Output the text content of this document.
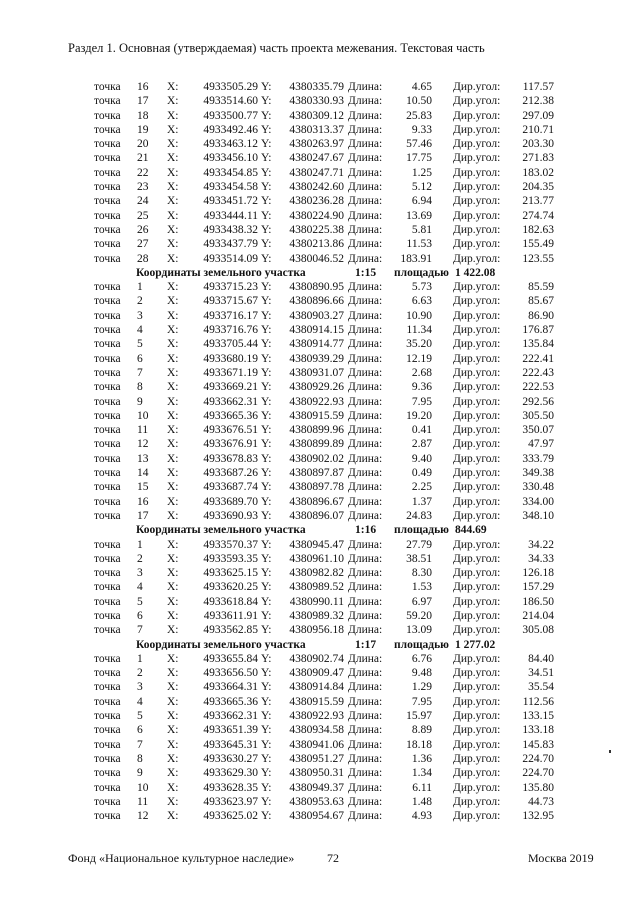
Раздел 1. Основная (утверждаемая) часть проекта межевания. Текстовая часть
точка 16	X:	4933505.29 Y:	4380335.79 Длина:	4.65 Дир.угол:	117.57
точка 17	X:	4933514.60 Y:	4380330.93 Длина:	10.50 Дир.угол:	212.38
точка 18	X:	4933500.77 Y:	4380309.12 Длина:	25.83 Дир.угол:	297.09
точка 19	X:	4933492.46 Y:	4380313.37 Длина:	9.33 Дир.угол:	210.71
точка 20	X:	4933463.12 Y:	4380263.97 Длина:	57.46 Дир.угол:	203.30
точка 21	X:	4933456.10 Y:	4380247.67 Длина:	17.75 Дир.угол:	271.83
точка 22	X:	4933454.85 Y:	4380247.71 Длина:	1.25 Дир.угол:	183.02
точка 23	X:	4933454.58 Y:	4380242.60 Длина:	5.12 Дир.угол:	204.35
точка 24	X:	4933451.72 Y:	4380236.28 Длина:	6.94 Дир.угол:	213.77
точка 25	X:	4933444.11 Y:	4380224.90 Длина:	13.69 Дир.угол:	274.74
точка 26	X:	4933438.32 Y:	4380225.38 Длина:	5.81 Дир.угол:	182.63
точка 27	X:	4933437.79 Y:	4380213.86 Длина:	11.53 Дир.угол:	155.49
точка 28	X:	4933514.09 Y:	4380046.52 Длина:	183.91 Дир.угол:	123.55
Координаты земельного участка	1:15 площадью 1 422.08
точка 1	X:	4933715.23 Y:	4380890.95 Длина:	5.73 Дир.угол:	85.59
точка 2	X:	4933715.67 Y:	4380896.66 Длина:	6.63 Дир.угол:	85.67
точка 3	X:	4933716.17 Y:	4380903.27 Длина:	10.90 Дир.угол:	86.90
точка 4	X:	4933716.76 Y:	4380914.15 Длина:	11.34 Дир.угол:	176.87
точка 5	X:	4933705.44 Y:	4380914.77 Длина:	35.20 Дир.угол:	135.84
точка 6	X:	4933680.19 Y:	4380939.29 Длина:	12.19 Дир.угол:	222.41
точка 7	X:	4933671.19 Y:	4380931.07 Длина:	2.68 Дир.угол:	222.43
точка 8	X:	4933669.21 Y:	4380929.26 Длина:	9.36 Дир.угол:	222.53
точка 9	X:	4933662.31 Y:	4380922.93 Длина:	7.95 Дир.угол:	292.56
точка 10	X:	4933665.36 Y:	4380915.59 Длина:	19.20 Дир.угол:	305.50
точка 11	X:	4933676.51 Y:	4380899.96 Длина:	0.41 Дир.угол:	350.07
точка 12	X:	4933676.91 Y:	4380899.89 Длина:	2.87 Дир.угол:	47.97
точка 13	X:	4933678.83 Y:	4380902.02 Длина:	9.40 Дир.угол:	333.79
точка 14	X:	4933687.26 Y:	4380897.87 Длина:	0.49 Дир.угол:	349.38
точка 15	X:	4933687.74 Y:	4380897.78 Длина:	2.25 Дир.угол:	330.48
точка 16	X:	4933689.70 Y:	4380896.67 Длина:	1.37 Дир.угол:	334.00
точка 17	X:	4933690.93 Y:	4380896.07 Длина:	24.83 Дир.угол:	348.10
Координаты земельного участка	1:16 площадью 844.69
точка 1	X:	4933570.37 Y:	4380945.47 Длина:	27.79 Дир.угол:	34.22
точка 2	X:	4933593.35 Y:	4380961.10 Длина:	38.51 Дир.угол:	34.33
точка 3	X:	4933625.15 Y:	4380982.82 Длина:	8.30 Дир.угол:	126.18
точка 4	X:	4933620.25 Y:	4380989.52 Длина:	1.53 Дир.угол:	157.29
точка 5	X:	4933618.84 Y:	4380990.11 Длина:	6.97 Дир.угол:	186.50
точка 6	X:	4933611.91 Y:	4380989.32 Длина:	59.20 Дир.угол:	214.04
точка 7	X:	4933562.85 Y:	4380956.18 Длина:	13.09 Дир.угол:	305.08
Координаты земельного участка	1:17 площадью 1 277.02
точка 1	X:	4933655.84 Y:	4380902.74 Длина:	6.76 Дир.угол:	84.40
точка 2	X:	4933656.50 Y:	4380909.47 Длина:	9.48 Дир.угол:	34.51
точка 3	X:	4933664.31 Y:	4380914.84 Длина:	1.29 Дир.угол:	35.54
точка 4	X:	4933665.36 Y:	4380915.59 Длина:	7.95 Дир.угол:	112.56
точка 5	X:	4933662.31 Y:	4380922.93 Длина:	15.97 Дир.угол:	133.15
точка 6	X:	4933651.39 Y:	4380934.58 Длина:	8.89 Дир.угол:	133.18
точка 7	X:	4933645.31 Y:	4380941.06 Длина:	18.18 Дир.угол:	145.83
точка 8	X:	4933630.27 Y:	4380951.27 Длина:	1.36 Дир.угол:	224.70
точка 9	X:	4933629.30 Y:	4380950.31 Длина:	1.34 Дир.угол:	224.70
точка 10	X:	4933628.35 Y:	4380949.37 Длина:	6.11 Дир.угол:	135.80
точка 11	X:	4933623.97 Y:	4380953.63 Длина:	1.48 Дир.угол:	44.73
точка 12	X:	4933625.02 Y:	4380954.67 Длина:	4.93 Дир.угол:	132.95
Фонд «Национальное культурное наследие»	72	Москва 2019
